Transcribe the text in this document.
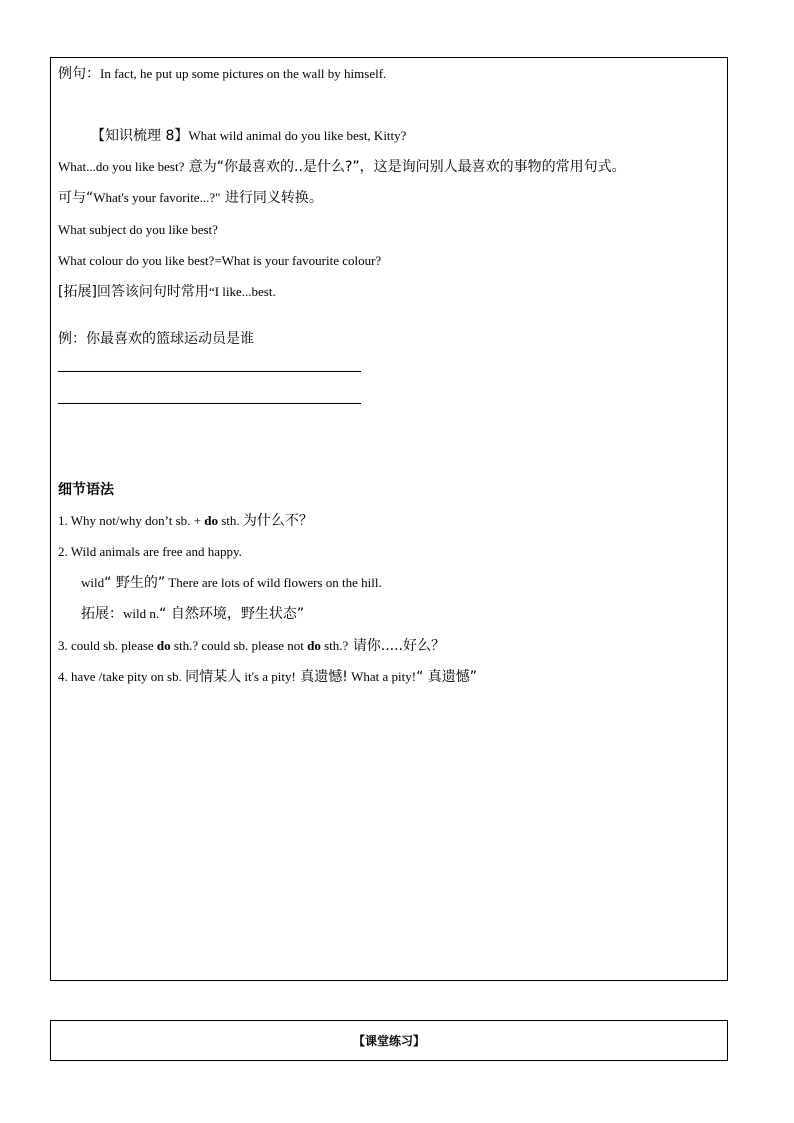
例句：In fact, he put up some pictures on the wall by himself.
【知识梳理 8】What wild animal do you like best, Kitty?
What...do you like best? 意为“你最喜欢的..是什么?”，这是询问别人最喜欢的事物的常用句式。
可与“What's your favorite...?" 进行同义转换。
What subject do you like best?
What colour do you like best?=What is your favourite colour?
[拓展]回答该问句时常用“I like...best.
例：你最喜欢的篮球运动员是谁
细节语法
1. Why not/why don’t sb. + do sth. 为什么不？
2. Wild animals are free and happy.
wild“ 野生的” There are lots of wild flowers on the hill.
拓展：wild n.“ 自然环境，野生状态”
3. could sb. please do sth.? could sb. please not do sth.? 请你.....好么？
4. have /take pity on sb. 同情某人 it's a pity! 真遗憾! What a pity!“ 真遗憾”
【课堂练习】
